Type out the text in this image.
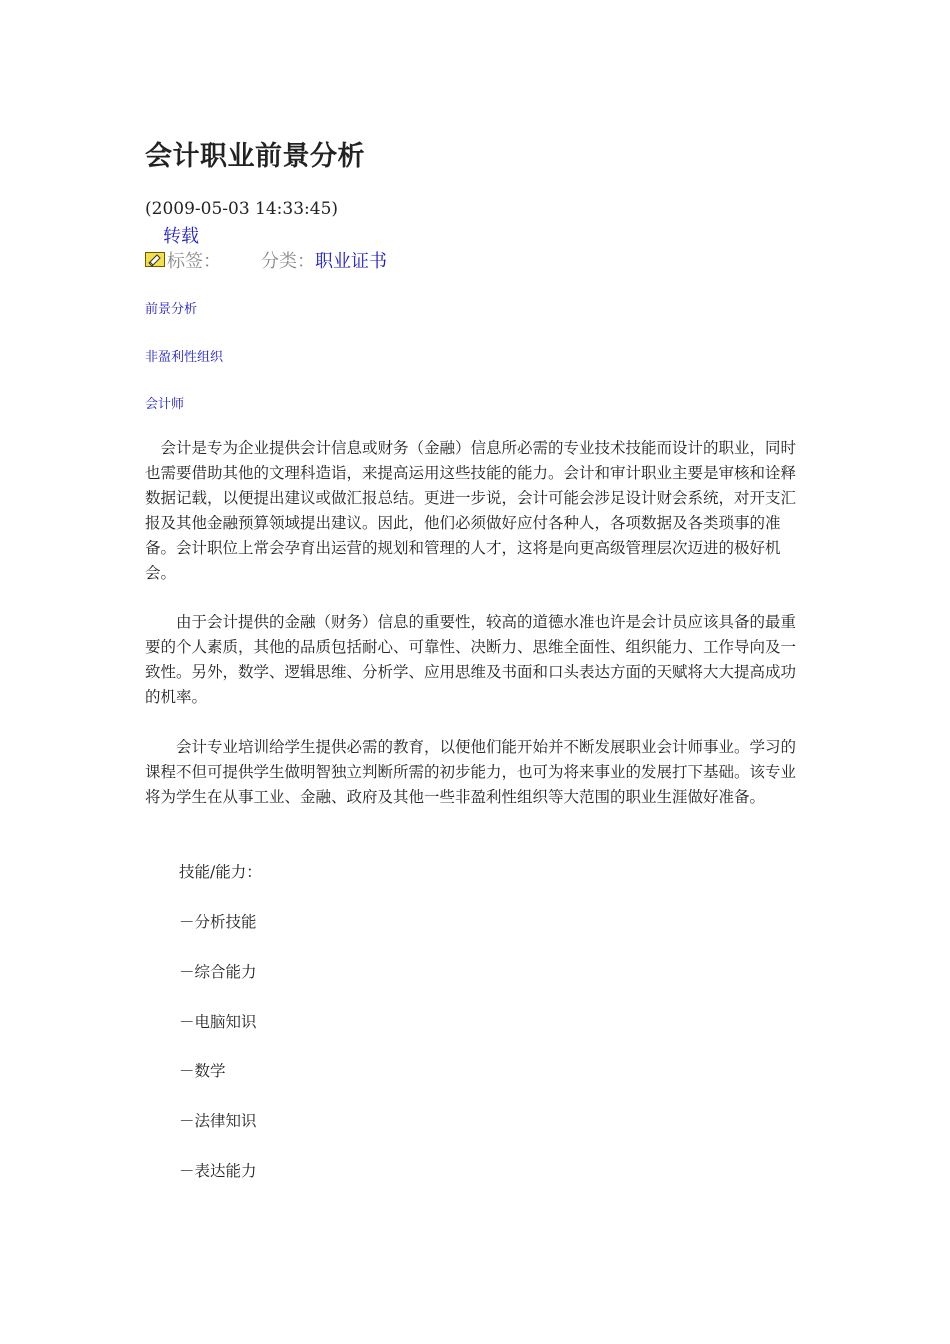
会计职业前景分析
(2009-05-03 14:33:45)
转载
标签： 分类： 职业证书
前景分析
非盈利性组织
会计师

　会计是专为企业提供会计信息或财务（金融）信息所必需的专业技术技能而设计的职业，同时也需要借助其他的文理科造诣，来提高运用这些技能的能力。会计和审计职业主要是审核和诠释数据记载，以便提出建议或做汇报总结。更进一步说，会计可能会涉足设计财会系统，对开支汇报及其他金融预算领域提出建议。因此，他们必须做好应付各种人，各项数据及各类琐事的准备。会计职位上常会孕育出运营的规划和管理的人才，这将是向更高级管理层次迈进的极好机会。

　　由于会计提供的金融（财务）信息的重要性，较高的道德水准也许是会计员应该具备的最重要的个人素质，其他的品质包括耐心、可靠性、决断力、思维全面性、组织能力、工作导向及一致性。另外，数学、逻辑思维、分析学、应用思维及书面和口头表达方面的天赋将大大提高成功的机率。

　　会计专业培训给学生提供必需的教育，以便他们能开始并不断发展职业会计师事业。学习的课程不但可提供学生做明智独立判断所需的初步能力，也可为将来事业的发展打下基础。该专业将为学生在从事工业、金融、政府及其他一些非盈利性组织等大范围的职业生涯做好准备。

技能/能力：
－分析技能
－综合能力
－电脑知识
－数学
－法律知识
－表达能力
